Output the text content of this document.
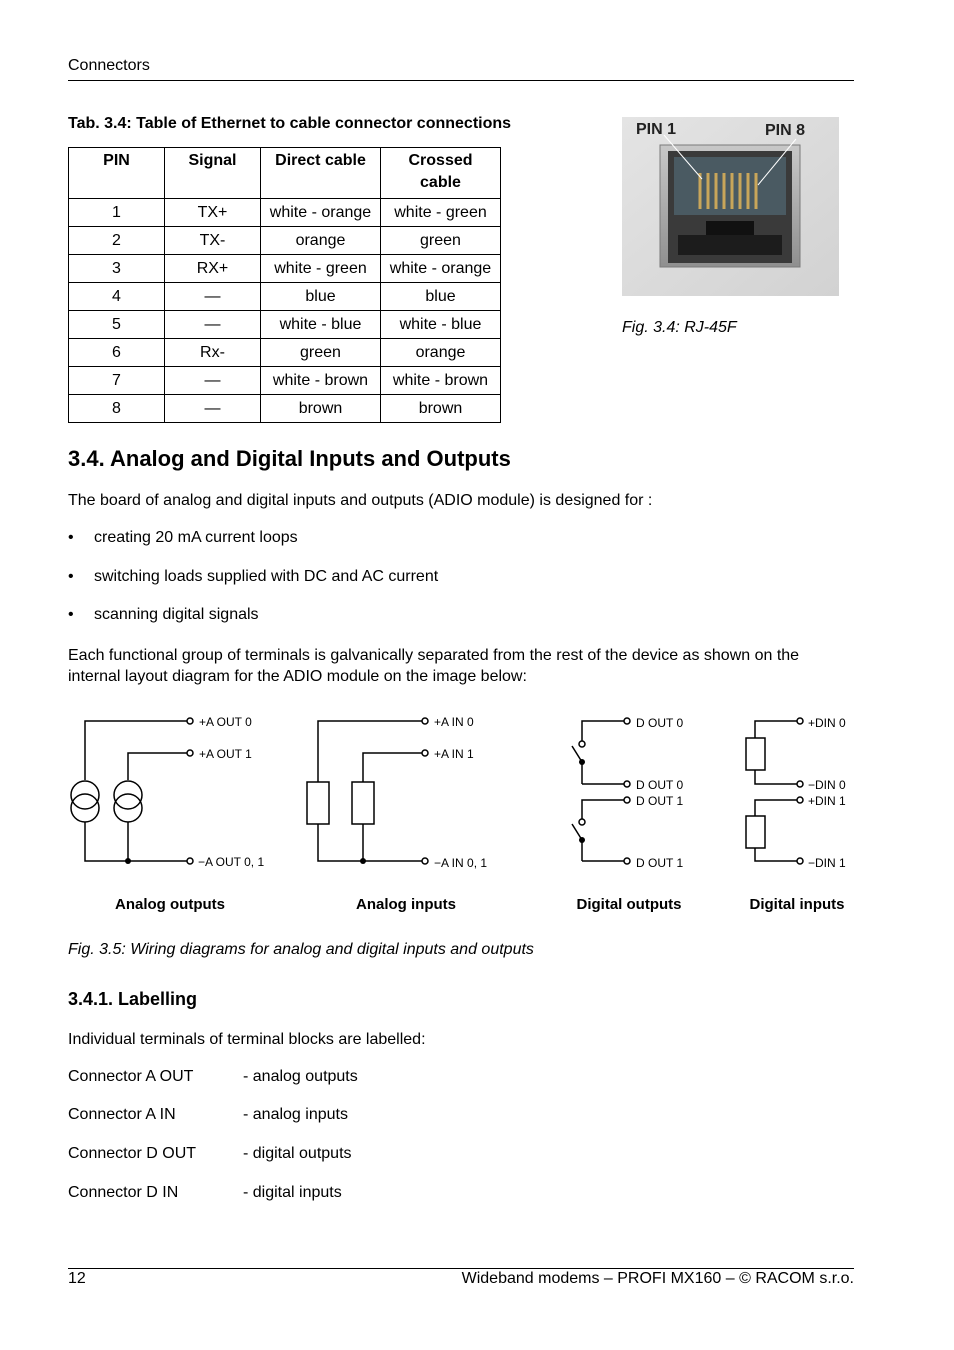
Connectors
Tab. 3.4: Table of Ethernet to cable connector connections
PIN	Signal	Direct cable	Crossed cable
1	TX+	white - orange	white - green
2	TX-	orange	green
3	RX+	white - green	white - orange
4	—	blue	blue
5	—	white - blue	white - blue
6	Rx-	green	orange
7	—	white - brown	white - brown
8	—	brown	brown
PIN 1	PIN 8
Fig. 3.4: RJ-45F
3.4. Analog and Digital Inputs and Outputs
The board of analog and digital inputs and outputs (ADIO module) is designed for :
• creating 20 mA current loops
• switching loads supplied with DC and AC current
• scanning digital signals
Each functional group of terminals is galvanically separated from the rest of the device as shown on the internal layout diagram for the ADIO module on the image below:
+A OUT 0
+A OUT 1
−A OUT 0, 1
+A IN 0
+A IN 1
−A IN 0, 1
D OUT 0
D OUT 0
D OUT 1
D OUT 1
+DIN 0
−DIN 0
+DIN 1
−DIN 1
Analog outputs	Analog inputs	Digital outputs	Digital inputs
Fig. 3.5: Wiring diagrams for analog and digital inputs and outputs
3.4.1. Labelling
Individual terminals of terminal blocks are labelled:
Connector A OUT	- analog outputs
Connector A IN	- analog inputs
Connector D OUT	- digital outputs
Connector D IN	- digital inputs
12	Wideband modems – PROFI MX160 – © RACOM s.r.o.
